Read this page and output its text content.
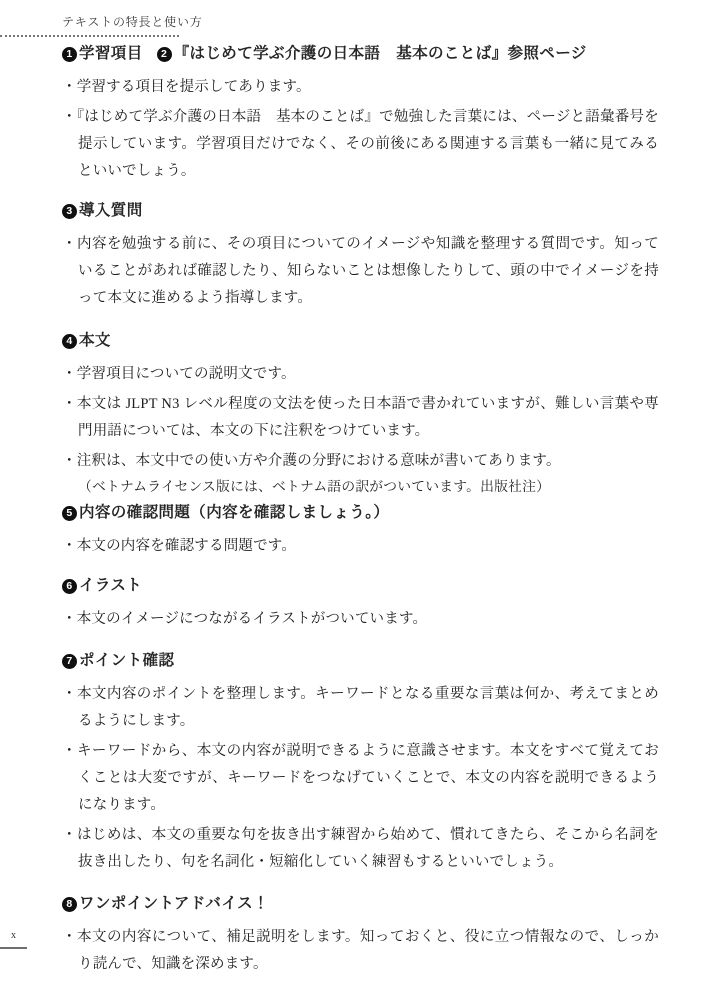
テキストの特長と使い方
1 学習項目 2 『はじめて学ぶ介護の日本語　基本のことば』参照ページ
・学習する項目を提示してあります。
・『はじめて学ぶ介護の日本語　基本のことば』で勉強した言葉には、ページと語彙番号を提示しています。学習項目だけでなく、その前後にある関連する言葉も一緒に見てみるといいでしょう。
3 導入質問
・内容を勉強する前に、その項目についてのイメージや知識を整理する質問です。知っていることがあれば確認したり、知らないことは想像したりして、頭の中でイメージを持って本文に進めるよう指導します。
4 本文
・学習項目についての説明文です。
・本文は JLPT N3 レベル程度の文法を使った日本語で書かれていますが、難しい言葉や専門用語については、本文の下に注釈をつけています。
・注釈は、本文中での使い方や介護の分野における意味が書いてあります。
（ベトナムライセンス版には、ベトナム語の訳がついています。出版社注）
5 内容の確認問題（内容を確認しましょう。）
・本文の内容を確認する問題です。
6 イラスト
・本文のイメージにつながるイラストがついています。
7 ポイント確認
・本文内容のポイントを整理します。キーワードとなる重要な言葉は何か、考えてまとめるようにします。
・キーワードから、本文の内容が説明できるように意識させます。本文をすべて覚えておくことは大変ですが、キーワードをつなげていくことで、本文の内容を説明できるようになります。
・はじめは、本文の重要な句を抜き出す練習から始めて、慣れてきたら、そこから名詞を抜き出したり、句を名詞化・短縮化していく練習もするといいでしょう。
8 ワンポイントアドバイス！
・本文の内容について、補足説明をします。知っておくと、役に立つ情報なので、しっかり読んで、知識を深めます。
x
